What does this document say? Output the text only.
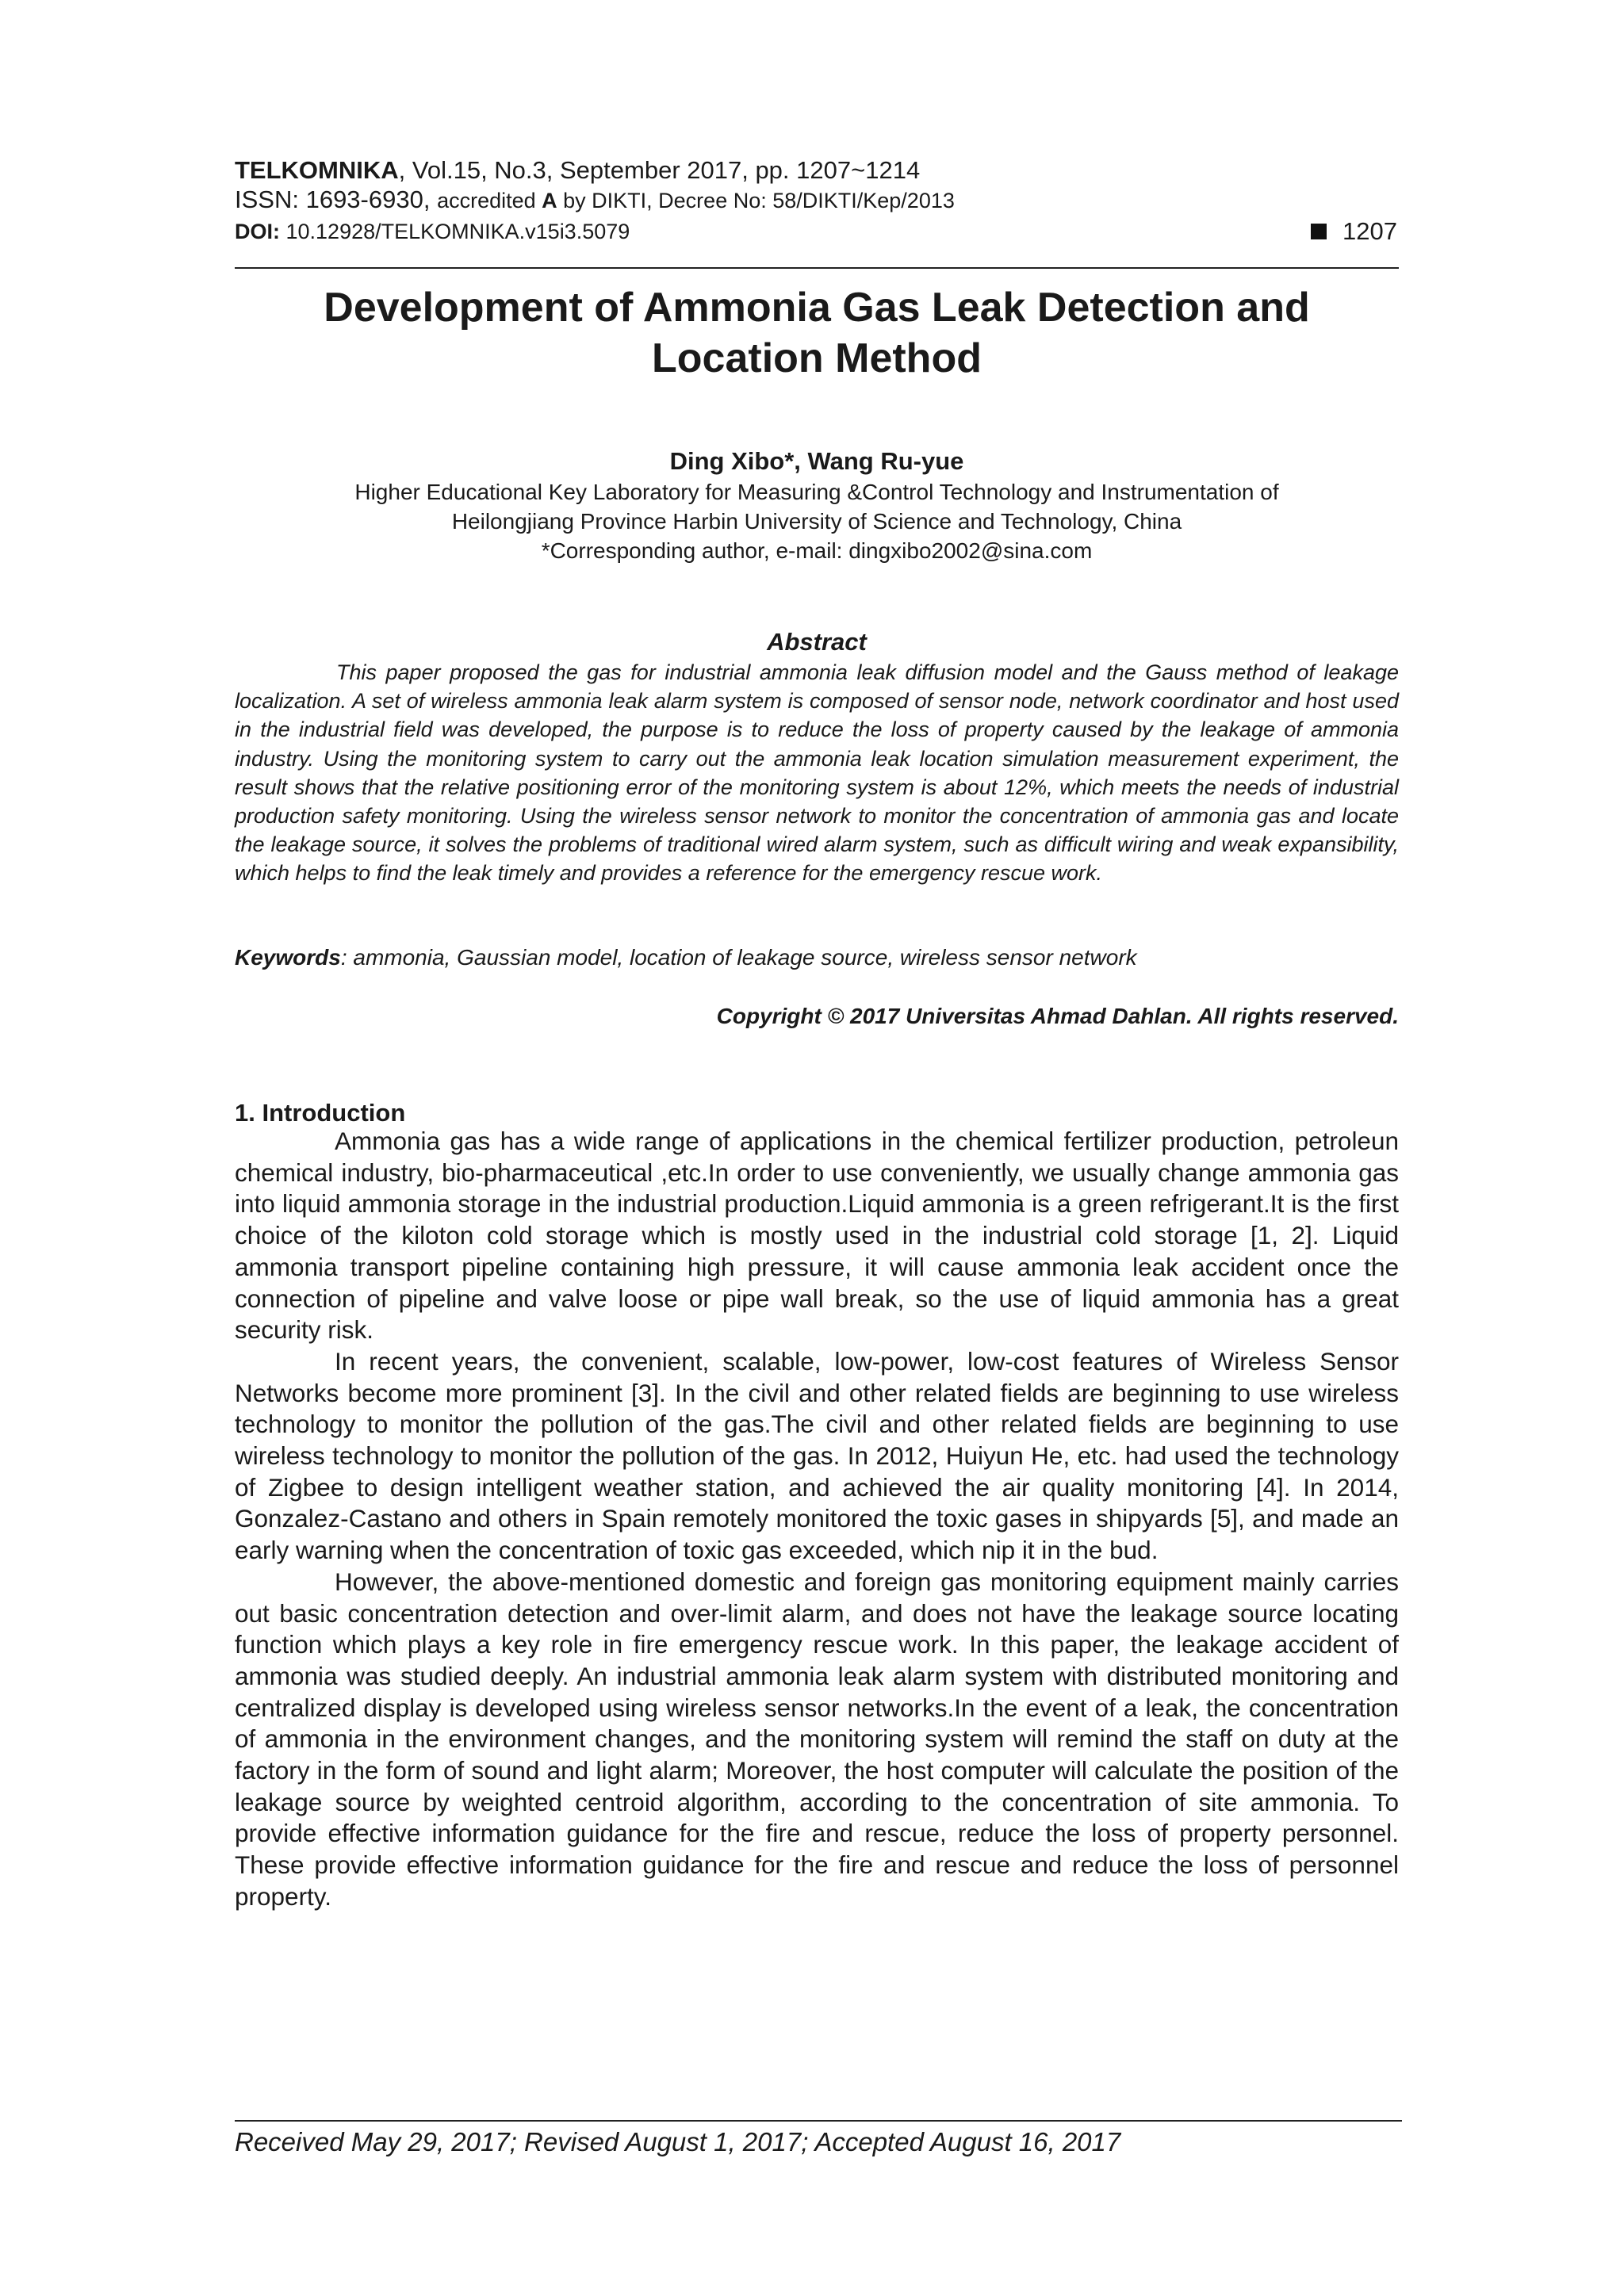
TELKOMNIKA, Vol.15, No.3, September 2017, pp. 1207~1214
ISSN: 1693-6930, accredited A by DIKTI, Decree No: 58/DIKTI/Kep/2013
DOI: 10.12928/TELKOMNIKA.v15i3.5079	1207
Development of Ammonia Gas Leak Detection and
Location Method
Ding Xibo*, Wang Ru-yue
Higher Educational Key Laboratory for Measuring &Control Technology and Instrumentation of
Heilongjiang Province Harbin University of Science and Technology, China
*Corresponding author, e-mail: dingxibo2002@sina.com
Abstract

This paper proposed the gas for industrial ammonia leak diffusion model and the Gauss method of leakage localization. A set of wireless ammonia leak alarm system is composed of sensor node, network coordinator and host used in the industrial field was developed, the purpose is to reduce the loss of property caused by the leakage of ammonia industry. Using the monitoring system to carry out the ammonia leak location simulation measurement experiment, the result shows that the relative positioning error of the monitoring system is about 12%, which meets the needs of industrial production safety monitoring. Using the wireless sensor network to monitor the concentration of ammonia gas and locate the leakage source, it solves the problems of traditional wired alarm system, such as difficult wiring and weak expansibility, which helps to find the leak timely and provides a reference for the emergency rescue work.

Keywords: ammonia, Gaussian model, location of leakage source, wireless sensor network
Copyright © 2017 Universitas Ahmad Dahlan. All rights reserved.
1. Introduction

Ammonia gas has a wide range of applications in the chemical fertilizer production, petroleun chemical industry, bio-pharmaceutical ,etc.In order to use conveniently, we usually change ammonia gas into liquid ammonia storage in the industrial production.Liquid ammonia is a green refrigerant.It is the first choice of the kiloton cold storage which is mostly used in the industrial cold storage [1, 2]. Liquid ammonia transport pipeline containing high pressure, it will cause ammonia leak accident once the connection of pipeline and valve loose or pipe wall break, so the use of liquid ammonia has a great security risk.

In recent years, the convenient, scalable, low-power, low-cost features of Wireless Sensor Networks become more prominent [3]. In the civil and other related fields are beginning to use wireless technology to monitor the pollution of the gas.The civil and other related fields are beginning to use wireless technology to monitor the pollution of the gas. In 2012, Huiyun He, etc. had used the technology of Zigbee to design intelligent weather station, and achieved the air quality monitoring [4]. In 2014, Gonzalez-Castano and others in Spain remotely monitored the toxic gases in shipyards [5], and made an early warning when the concentration of toxic gas exceeded, which nip it in the bud.

However, the above-mentioned domestic and foreign gas monitoring equipment mainly carries out basic concentration detection and over-limit alarm, and does not have the leakage source locating function which plays a key role in fire emergency rescue work. In this paper, the leakage accident of ammonia was studied deeply. An industrial ammonia leak alarm system with distributed monitoring and centralized display is developed using wireless sensor networks.In the event of a leak, the concentration of ammonia in the environment changes, and the monitoring system will remind the staff on duty at the factory in the form of sound and light alarm; Moreover, the host computer will calculate the position of the leakage source by weighted centroid algorithm, according to the concentration of site ammonia. To provide effective information guidance for the fire and rescue, reduce the loss of property personnel. These provide effective information guidance for the fire and rescue and reduce the loss of personnel property.

Received May 29, 2017; Revised August 1, 2017; Accepted August 16, 2017
